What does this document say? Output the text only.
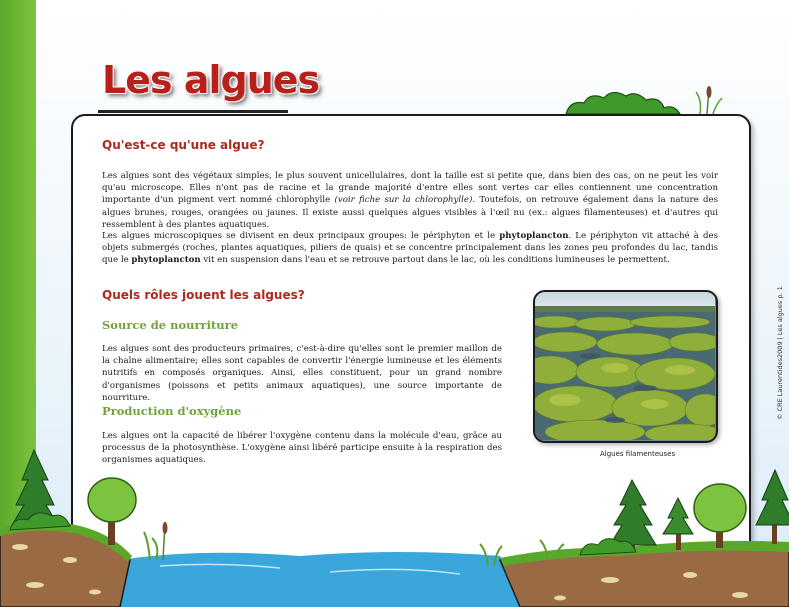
Les algues
Qu'est-ce qu'une algue?

Les algues sont des végétaux simples, le plus souvent unicellulaires, dont la taille est si petite que, dans bien des cas, on ne peut les voir qu'au microscope. Elles n'ont pas de racine et la grande majorité d'entre elles sont vertes car elles contiennent une concentration importante d'un pigment vert nommé chlorophylle (voir fiche sur la chlorophylle). Toutefois, on retrouve également dans la nature des algues brunes, rouges, orangées ou jaunes. Il existe aussi quelques algues visibles à l'œil nu (ex.: algues filamenteuses) et d'autres qui ressemblent à des plantes aquatiques.

Les algues microscopiques se divisent en deux principaux groupes: le périphyton et le phytoplancton. Le périphyton vit attaché à des objets submergés (roches, plantes aquatiques, piliers de quais) et se concentre principalement dans les zones peu profondes du lac, tandis que le phytoplancton vit en suspension dans l'eau et se retrouve partout dans le lac, où les conditions lumineuses le permettent.

Quels rôles jouent les algues?
Source de nourriture

Les algues sont des producteurs primaires, c'est-à-dire qu'elles sont le premier maillon de la chaîne alimentaire; elles sont capables de convertir l'énergie lumineuse et les éléments nutritifs en composés organiques. Ainsi, elles constituent, pour un grand nombre d'organismes (poissons et petits animaux aquatiques), une source importante de nourriture.

Production d'oxygène

Les algues ont la capacité de libérer l'oxygène contenu dans la molécule d'eau, grâce au processus de la photosynthèse. L'oxygène ainsi libéré participe ensuite à la respiration des organismes aquatiques.

Algues filamenteuses

© CRE Laurentides2009 | Les algues p. 1
